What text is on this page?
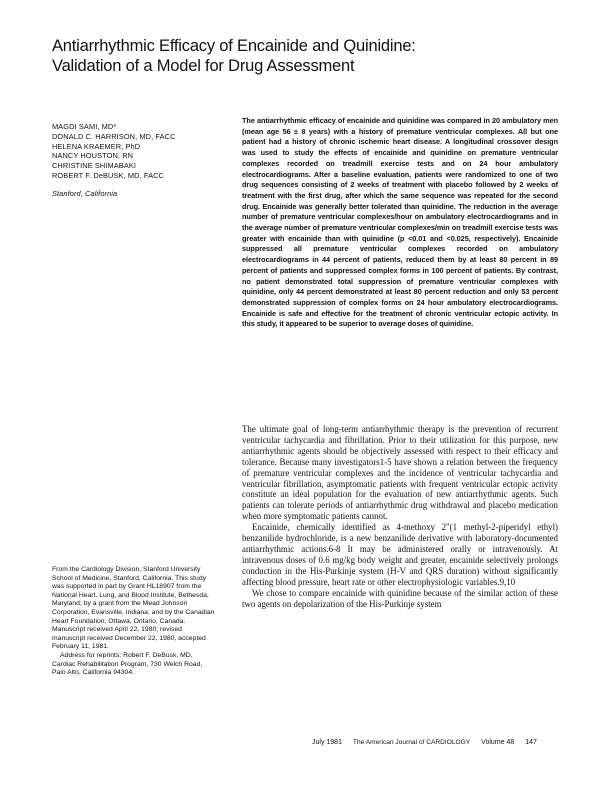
Antiarrhythmic Efficacy of Encainide and Quinidine:
Validation of a Model for Drug Assessment
MAGDI SAMI, MD*
DONALD C. HARRISON, MD, FACC
HELENA KRAEMER, PhD
NANCY HOUSTON, RN
CHRISTINE SHIMABAKI
ROBERT F. DeBUSK, MD, FACC
Stanford, California
The antiarrhythmic efficacy of encainide and quinidine was compared in 20 ambulatory men (mean age 56 ± 8 years) with a history of premature ventricular complexes. All but one patient had a history of chronic ischemic heart disease. A longitudinal crossover design was used to study the effects of encainide and quinidine on premature ventricular complexes recorded on treadmill exercise tests and on 24 hour ambulatory electrocardiograms. After a baseline evaluation, patients were randomized to one of two drug sequences consisting of 2 weeks of treatment with placebo followed by 2 weeks of treatment with the first drug, after which the same sequence was repeated for the second drug. Encainide was generally better tolerated than quinidine. The reduction in the average number of premature ventricular complexes/hour on ambulatory electrocardiograms and in the average number of premature ventricular complexes/min on treadmill exercise tests was greater with encainide than with quinidine (p <0.01 and <0.025, respectively). Encainide suppressed all premature ventricular complexes recorded on ambulatory electrocardiograms in 44 percent of patients, reduced them by at least 80 percent in 89 percent of patients and suppressed complex forms in 100 percent of patients. By contrast, no patient demonstrated total suppression of premature ventricular complexes with quinidine, only 44 percent demonstrated at least 80 percent reduction and only 53 percent demonstrated suppression of complex forms on 24 hour ambulatory electrocardiograms. Encainide is safe and effective for the treatment of chronic ventricular ectopic activity. In this study, it appeared to be superior to average doses of quinidine.

The ultimate goal of long-term antiarrhythmic therapy is the prevention of recurrent ventricular tachycardia and fibrillation. Prior to their utilization for this purpose, new antiarrhythmic agents should be objectively assessed with respect to their efficacy and tolerance. Because many investigators1-5 have shown a relation between the frequency of premature ventricular complexes and the incidence of ventricular tachycardia and ventricular fibrillation, asymptomatic patients with frequent ventricular ectopic activity constitute an ideal population for the evaluation of new antiarrhythmic agents. Such patients can tolerate periods of antiarrhythmic drug withdrawal and placebo medication when more symptomatic patients cannot.

Encainide, chemically identified as 4-methoxy 2"(1 methyl-2-piperidyl ethyl) benzanilide hydrochloride, is a new benzanilide derivative with laboratory-documented antiarrhythmic actions.6-8 It may be administered orally or intravenously. At intravenous doses of 0.6 mg/kg body weight and greater, encainide selectively prolongs conduction in the His-Purkinje system (H-V and QRS duration) without significantly affecting blood pressure, heart rate or other electrophysiologic variables.9,10

We chose to compare encainide with quinidine because of the similar action of these two agents on depolarization of the His-Purkinje system

From the Cardiology Division, Stanford University School of Medicine, Stanford, California. This study was supported in part by Grant HL18907 from the National Heart, Lung, and Blood Institute, Bethesda, Maryland; by a grant from the Mead Johnson Corporation, Evansville, Indiana; and by the Canadian Heart Foundation, Ottawa, Ontario, Canada. Manuscript received April 22, 1980; revised manuscript received December 22, 1980, accepted February 11, 1981.

Address for reprints: Robert F. DeBusk, MD, Cardiac Rehabilitation Program, 730 Welch Road, Palo Alto, California 94304.

July 1981 The American Journal of CARDIOLOGY Volume 48 147
